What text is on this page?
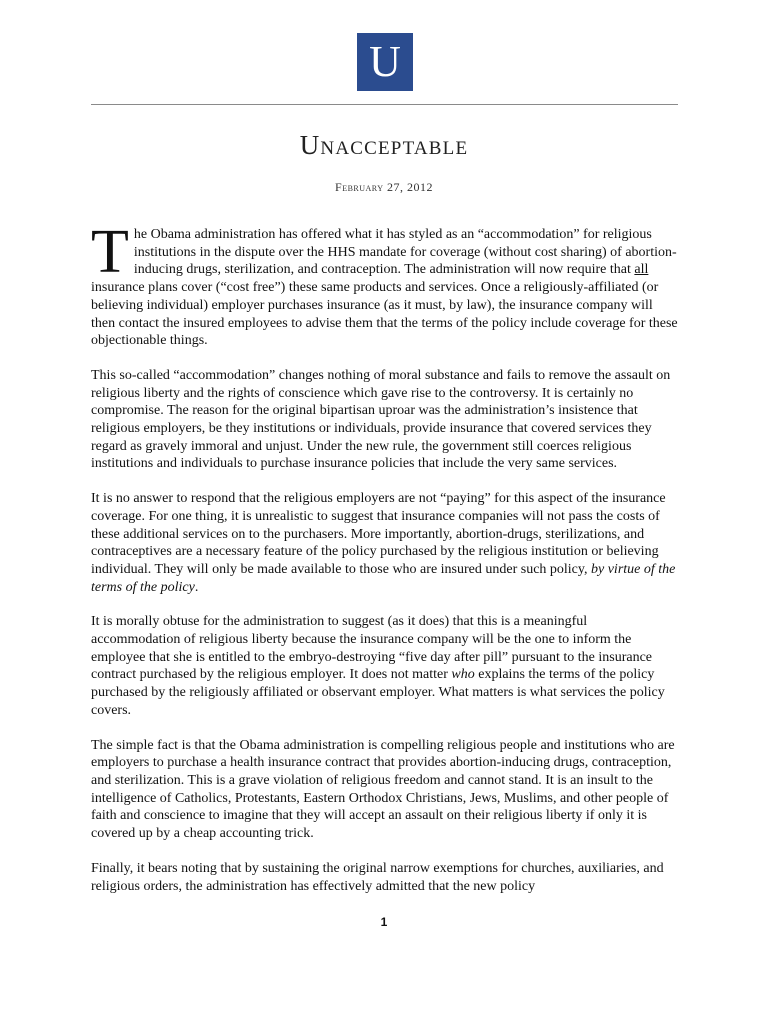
U
Unacceptable
February 27, 2012

The Obama administration has offered what it has styled as an “accommodation” for religious institutions in the dispute over the HHS mandate for coverage (without cost sharing) of abortion-inducing drugs, sterilization, and contraception. The administration will now require that all insurance plans cover (“cost free”) these same products and services. Once a religiously-affiliated (or believing individual) employer purchases insurance (as it must, by law), the insurance company will then contact the insured employees to advise them that the terms of the policy include coverage for these objectionable things.

This so-called “accommodation” changes nothing of moral substance and fails to remove the assault on religious liberty and the rights of conscience which gave rise to the controversy. It is certainly no compromise. The reason for the original bipartisan uproar was the administration’s insistence that religious employers, be they institutions or individuals, provide insurance that covered services they regard as gravely immoral and unjust. Under the new rule, the government still coerces religious institutions and individuals to purchase insurance policies that include the very same services.

It is no answer to respond that the religious employers are not “paying” for this aspect of the insurance coverage. For one thing, it is unrealistic to suggest that insurance companies will not pass the costs of these additional services on to the purchasers. More importantly, abortion-drugs, sterilizations, and contraceptives are a necessary feature of the policy purchased by the religious institution or believing individual. They will only be made available to those who are insured under such policy, by virtue of the terms of the policy.

It is morally obtuse for the administration to suggest (as it does) that this is a meaningful accommodation of religious liberty because the insurance company will be the one to inform the employee that she is entitled to the embryo-destroying “five day after pill” pursuant to the insurance contract purchased by the religious employer. It does not matter who explains the terms of the policy purchased by the religiously affiliated or observant employer. What matters is what services the policy covers.

The simple fact is that the Obama administration is compelling religious people and institutions who are employers to purchase a health insurance contract that provides abortion-inducing drugs, contraception, and sterilization. This is a grave violation of religious freedom and cannot stand. It is an insult to the intelligence of Catholics, Protestants, Eastern Orthodox Christians, Jews, Muslims, and other people of faith and conscience to imagine that they will accept an assault on their religious liberty if only it is covered up by a cheap accounting trick.

Finally, it bears noting that by sustaining the original narrow exemptions for churches, auxiliaries, and religious orders, the administration has effectively admitted that the new policy

1
